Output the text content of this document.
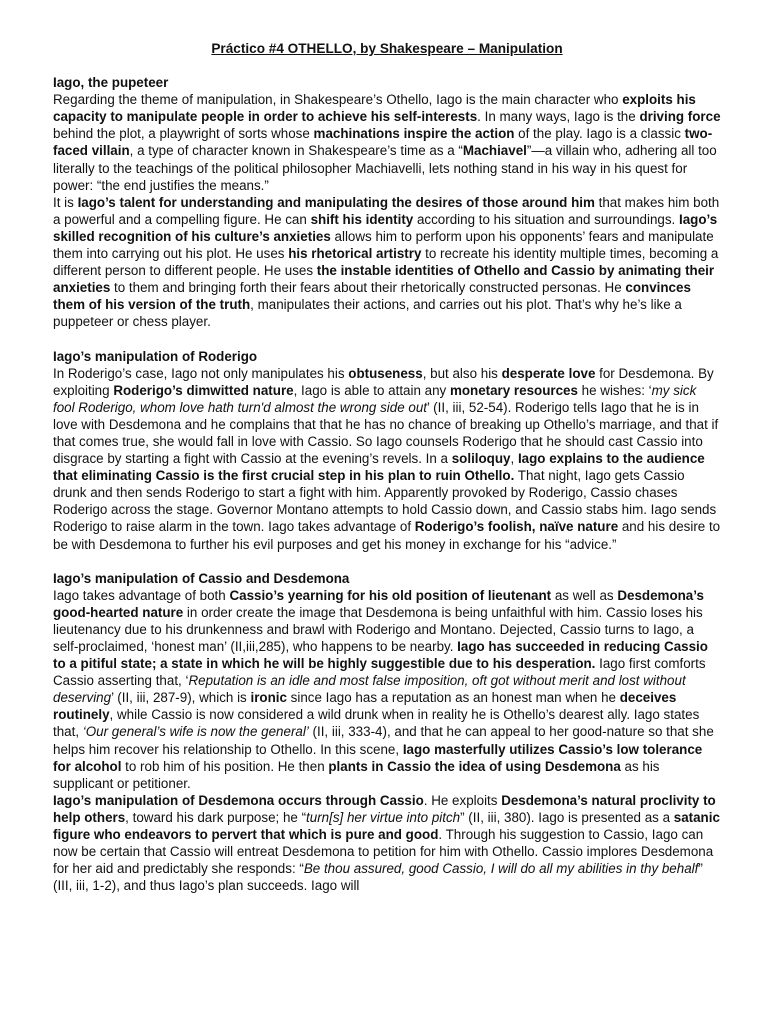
Práctico #4 OTHELLO, by Shakespeare – Manipulation
Iago, the pupeteer
Regarding the theme of manipulation, in Shakespeare’s Othello, Iago is the main character who exploits his capacity to manipulate people in order to achieve his self-interests. In many ways, Iago is the driving force behind the plot, a playwright of sorts whose machinations inspire the action of the play. Iago is a classic two-faced villain, a type of character known in Shakespeare’s time as a “Machiavel”—a villain who, adhering all too literally to the teachings of the political philosopher Machiavelli, lets nothing stand in his way in his quest for power: “the end justifies the means.”
It is Iago’s talent for understanding and manipulating the desires of those around him that makes him both a powerful and a compelling figure. He can shift his identity according to his situation and surroundings. Iago’s skilled recognition of his culture’s anxieties allows him to perform upon his opponents’ fears and manipulate them into carrying out his plot. He uses his rhetorical artistry to recreate his identity multiple times, becoming a different person to different people. He uses the instable identities of Othello and Cassio by animating their anxieties to them and bringing forth their fears about their rhetorically constructed personas. He convinces them of his version of the truth, manipulates their actions, and carries out his plot. That’s why he’s like a puppeteer or chess player.
Iago’s manipulation of Roderigo
In Roderigo’s case, Iago not only manipulates his obtuseness, but also his desperate love for Desdemona. By exploiting Roderigo’s dimwitted nature, Iago is able to attain any monetary resources he wishes: ‘my sick fool Roderigo, whom love hath turn'd almost the wrong side out’ (II, iii, 52-54). Roderigo tells Iago that he is in love with Desdemona and he complains that that he has no chance of breaking up Othello’s marriage, and that if that comes true, she would fall in love with Cassio. So Iago counsels Roderigo that he should cast Cassio into disgrace by starting a fight with Cassio at the evening’s revels. In a soliloquy, Iago explains to the audience that eliminating Cassio is the first crucial step in his plan to ruin Othello. That night, Iago gets Cassio drunk and then sends Roderigo to start a fight with him. Apparently provoked by Roderigo, Cassio chases Roderigo across the stage. Governor Montano attempts to hold Cassio down, and Cassio stabs him. Iago sends Roderigo to raise alarm in the town. Iago takes advantage of Roderigo’s foolish, naïve nature and his desire to be with Desdemona to further his evil purposes and get his money in exchange for his “advice.”
Iago’s manipulation of Cassio and Desdemona
Iago takes advantage of both Cassio’s yearning for his old position of lieutenant as well as Desdemona’s good-hearted nature in order create the image that Desdemona is being unfaithful with him. Cassio loses his lieutenancy due to his drunkenness and brawl with Roderigo and Montano. Dejected, Cassio turns to Iago, a self-proclaimed, ‘honest man’ (II,iii,285), who happens to be nearby. Iago has succeeded in reducing Cassio to a pitiful state; a state in which he will be highly suggestible due to his desperation. Iago first comforts Cassio asserting that, ‘Reputation is an idle and most false imposition, oft got without merit and lost without deserving’ (II, iii, 287-9), which is ironic since Iago has a reputation as an honest man when he deceives routinely, while Cassio is now considered a wild drunk when in reality he is Othello’s dearest ally. Iago states that, ‘Our general’s wife is now the general’ (II, iii, 333-4), and that he can appeal to her good-nature so that she helps him recover his relationship to Othello. In this scene, Iago masterfully utilizes Cassio’s low tolerance for alcohol to rob him of his position. He then plants in Cassio the idea of using Desdemona as his supplicant or petitioner.
Iago’s manipulation of Desdemona occurs through Cassio. He exploits Desdemona’s natural proclivity to help others, toward his dark purpose; he “turn[s] her virtue into pitch” (II, iii, 380). Iago is presented as a satanic figure who endeavors to pervert that which is pure and good. Through his suggestion to Cassio, Iago can now be certain that Cassio will entreat Desdemona to petition for him with Othello. Cassio implores Desdemona for her aid and predictably she responds: “Be thou assured, good Cassio, I will do all my abilities in thy behalf” (III, iii, 1-2), and thus Iago’s plan succeeds. Iago will
